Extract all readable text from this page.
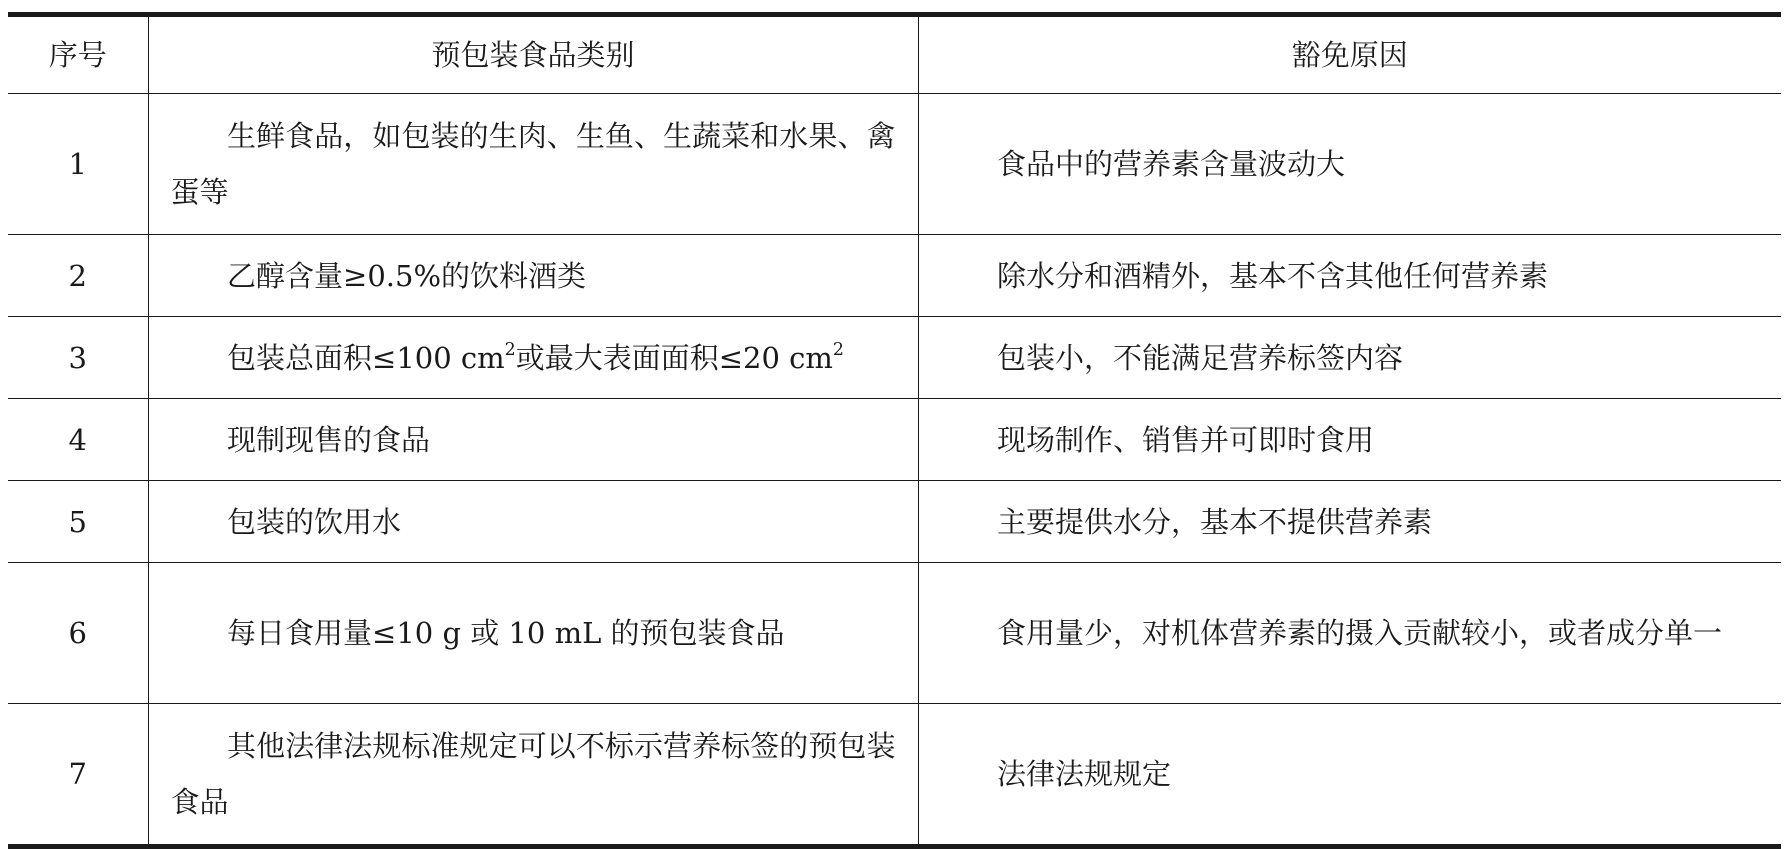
序号	预包装食品类别	豁免原因
1	生鲜食品，如包装的生肉、生鱼、生蔬菜和水果、禽蛋等	食品中的营养素含量波动大
2	乙醇含量≥0.5%的饮料酒类	除水分和酒精外，基本不含其他任何营养素
3	包装总面积≤100 $cm^2$或最大表面面积≤20 $cm^2$	包装小，不能满足营养标签内容
4	现制现售的食品	现场制作、销售并可即时食用
5	包装的饮用水	主要提供水分，基本不提供营养素
6	每日食用量≤10 g 或 10 mL 的预包装食品	食用量少，对机体营养素的摄入贡献较小，或者成分单一
7	其他法律法规标准规定可以不标示营养标签的预包装食品	法律法规规定
